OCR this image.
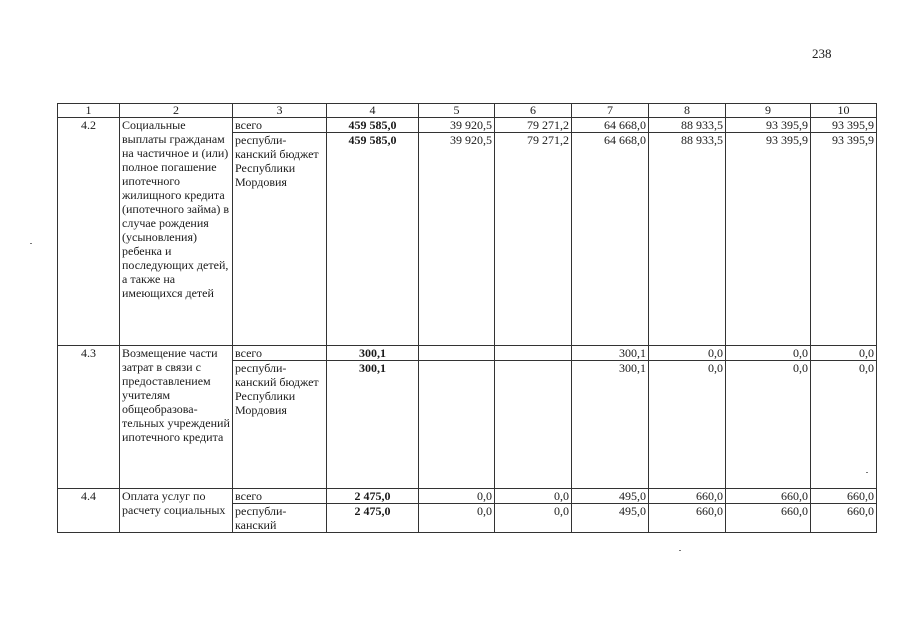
238
1	2	3	4	5	6	7	8	9	10
4.2	Социальные выплаты гражданам на частичное и (или) полное погашение ипотечного жилищного кредита (ипотечного займа) в случае рождения (усыновления) ребенка и последующих детей, а также на имеющихся детей	всего	459 585,0	39 920,5	79 271,2	64 668,0	88 933,5	93 395,9	93 395,9
		республи-канский бюджет Республики Мордовия	459 585,0	39 920,5	79 271,2	64 668,0	88 933,5	93 395,9	93 395,9
4.3	Возмещение части затрат в связи с предоставлением учителям общеобразова-тельных учреждений ипотечного кредита	всего	300,1			300,1	0,0	0,0	0,0
		республи-канский бюджет Республики Мордовия	300,1			300,1	0,0	0,0	0,0
4.4	Оплата услуг по расчету социальных	всего	2 475,0	0,0	0,0	495,0	660,0	660,0	660,0
		республи-канский	2 475,0	0,0	0,0	495,0	660,0	660,0	660,0
